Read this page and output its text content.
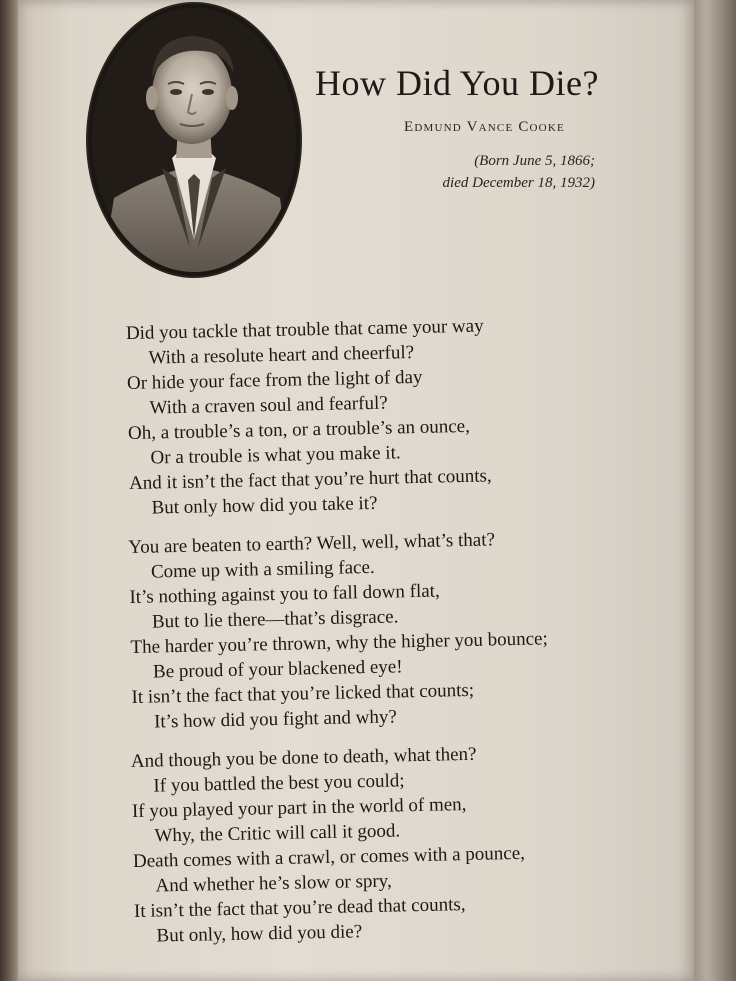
How Did You Die?
Edmund Vance Cooke
(Born June 5, 1866;
died December 18, 1932)
Did you tackle that trouble that came your way
With a resolute heart and cheerful?
Or hide your face from the light of day
With a craven soul and fearful?
Oh, a trouble’s a ton, or a trouble’s an ounce,
Or a trouble is what you make it.
And it isn’t the fact that you’re hurt that counts,
But only how did you take it?
You are beaten to earth? Well, well, what’s that?
Come up with a smiling face.
It’s nothing against you to fall down flat,
But to lie there—that’s disgrace.
The harder you’re thrown, why the higher you bounce;
Be proud of your blackened eye!
It isn’t the fact that you’re licked that counts;
It’s how did you fight and why?
And though you be done to death, what then?
If you battled the best you could;
If you played your part in the world of men,
Why, the Critic will call it good.
Death comes with a crawl, or comes with a pounce,
And whether he’s slow or spry,
It isn’t the fact that you’re dead that counts,
But only, how did you die?
